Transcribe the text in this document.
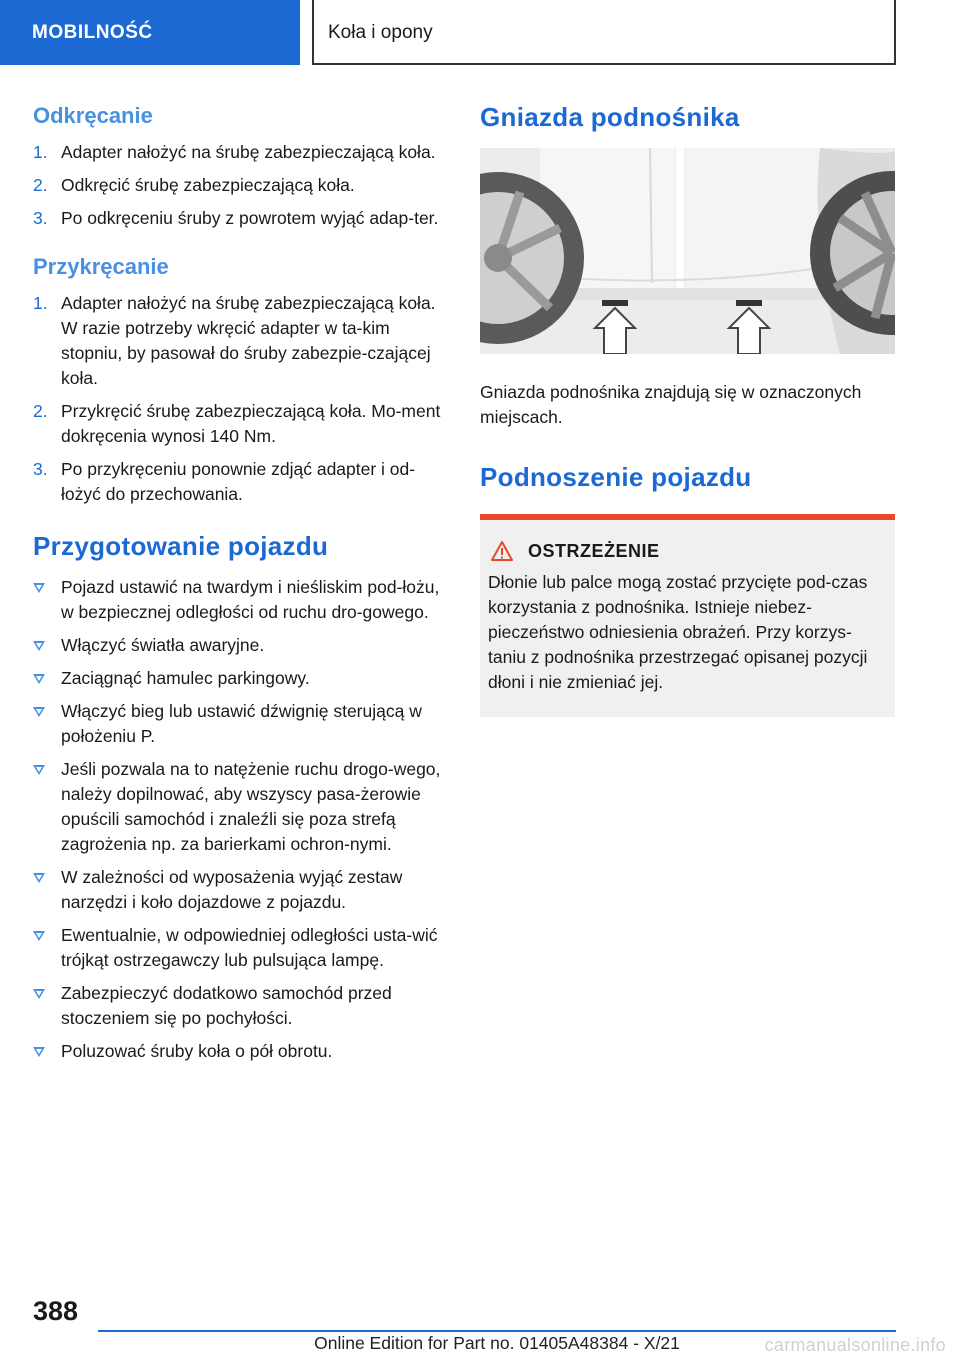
MOBILNOŚĆ	Koła i opony
Odkręcanie
1. Adapter nałożyć na śrubę zabezpieczającą koła.
2. Odkręcić śrubę zabezpieczającą koła.
3. Po odkręceniu śruby z powrotem wyjąć adap-ter.
Przykręcanie
1. Adapter nałożyć na śrubę zabezpieczającą koła. W razie potrzeby wkręcić adapter w ta-kim stopniu, by pasował do śruby zabezpie-czającej koła.
2. Przykręcić śrubę zabezpieczającą koła. Mo-ment dokręcenia wynosi 140 Nm.
3. Po przykręceniu ponownie zdjąć adapter i od-łożyć do przechowania.
Przygotowanie pojazdu
Pojazd ustawić na twardym i nieśliskim pod-łożu, w bezpiecznej odległości od ruchu dro-gowego.
Włączyć światła awaryjne.
Zaciągnąć hamulec parkingowy.
Włączyć bieg lub ustawić dźwignię sterującą w położeniu P.
Jeśli pozwala na to natężenie ruchu drogo-wego, należy dopilnować, aby wszyscy pasa-żerowie opuścili samochód i znaleźli się poza strefą zagrożenia np. za barierkami ochron-nymi.
W zależności od wyposażenia wyjąć zestaw narzędzi i koło dojazdowe z pojazdu.
Ewentualnie, w odpowiedniej odległości usta-wić trójkąt ostrzegawczy lub pulsująca lampę.
Zabezpieczyć dodatkowo samochód przed stoczeniem się po pochyłości.
Poluzować śruby koła o pół obrotu.
Gniazda podnośnika
Gniazda podnośnika znajdują się w oznaczonych miejscach.
Podnoszenie pojazdu
OSTRZEŻENIE
Dłonie lub palce mogą zostać przycięte pod-czas korzystania z podnośnika. Istnieje niebez-pieczeństwo odniesienia obrażeń. Przy korzys-taniu z podnośnika przestrzegać opisanej pozycji dłoni i nie zmieniać jej.
388
Online Edition for Part no. 01405A48384 - X/21	carmanualsonline.info
